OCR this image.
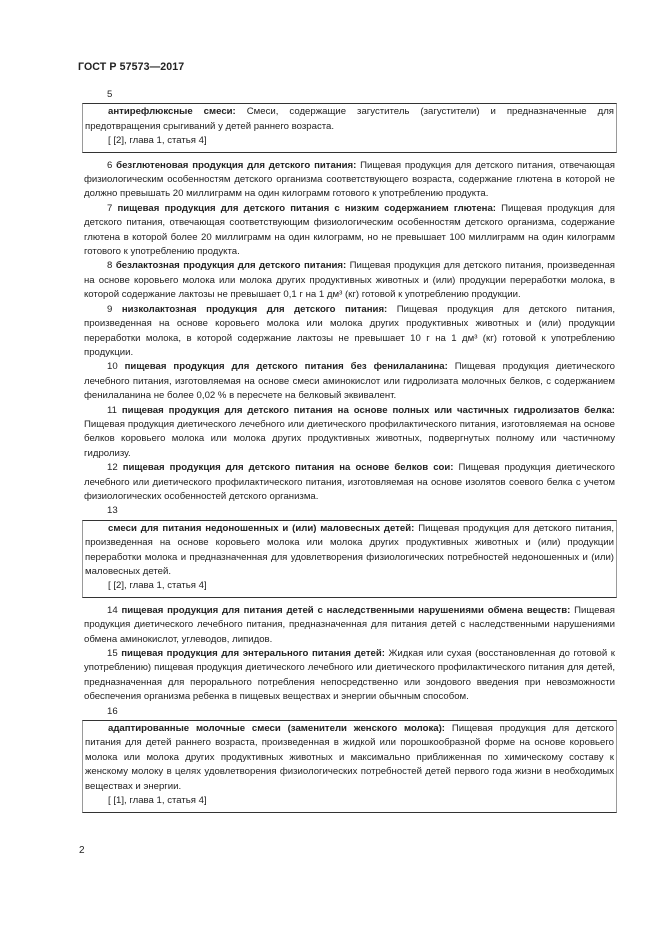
ГОСТ Р 57573—2017
5

антирефлюксные смеси: Смеси, содержащие загуститель (загустители) и предназначенные для предотвращения срыгиваний у детей раннего возраста.

[ [2], глава 1, статья 4]

6 безглютеновая продукция для детского питания: Пищевая продукция для детского питания, отвечающая физиологическим особенностям детского организма соответствующего возраста, содержание глютена в которой не должно превышать 20 миллиграмм на один килограмм готового к употреблению продукта.

7 пищевая продукция для детского питания с низким содержанием глютена: Пищевая продукция для детского питания, отвечающая соответствующим физиологическим особенностям детского организма, содержание глютена в которой более 20 миллиграмм на один килограмм, но не превышает 100 миллиграмм на один килограмм готового к употреблению продукта.

8 безлактозная продукция для детского питания: Пищевая продукция для детского питания, произведенная на основе коровьего молока или молока других продуктивных животных и (или) продукции переработки молока, в которой содержание лактозы не превышает 0,1 г на 1 дм³ (кг) готовой к употреблению продукции.

9 низколактозная продукция для детского питания: Пищевая продукция для детского питания, произведенная на основе коровьего молока или молока других продуктивных животных и (или) продукции переработки молока, в которой содержание лактозы не превышает 10 г на 1 дм³ (кг) готовой к употреблению продукции.

10 пищевая продукция для детского питания без фенилаланина: Пищевая продукция диетического лечебного питания, изготовляемая на основе смеси аминокислот или гидролизата молочных белков, с содержанием фенилаланина не более 0,02 % в пересчете на белковый эквивалент.

11 пищевая продукция для детского питания на основе полных или частичных гидролизатов белка: Пищевая продукция диетического лечебного или диетического профилактического питания, изготовляемая на основе белков коровьего молока или молока других продуктивных животных, подвергнутых полному или частичному гидролизу.

12 пищевая продукция для детского питания на основе белков сои: Пищевая продукция диетического лечебного или диетического профилактического питания, изготовляемая на основе изолятов соевого белка с учетом физиологических особенностей детского организма.

13

смеси для питания недоношенных и (или) маловесных детей: Пищевая продукция для детского питания, произведенная на основе коровьего молока или молока других продуктивных животных и (или) продукции переработки молока и предназначенная для удовлетворения физиологических потребностей недоношенных и (или) маловесных детей.

[ [2], глава 1, статья 4]

14 пищевая продукция для питания детей с наследственными нарушениями обмена веществ: Пищевая продукция диетического лечебного питания, предназначенная для питания детей с наследственными нарушениями обмена аминокислот, углеводов, липидов.

15 пищевая продукция для энтерального питания детей: Жидкая или сухая (восстановленная до готовой к употреблению) пищевая продукция диетического лечебного или диетического профилактического питания для детей, предназначенная для перорального потребления непосредственно или зондового введения при невозможности обеспечения организма ребенка в пищевых веществах и энергии обычным способом.

16

адаптированные молочные смеси (заменители женского молока): Пищевая продукция для детского питания для детей раннего возраста, произведенная в жидкой или порошкообразной форме на основе коровьего молока или молока других продуктивных животных и максимально приближенная по химическому составу к женскому молоку в целях удовлетворения физиологических потребностей детей первого года жизни в необходимых веществах и энергии.

[ [1], глава 1, статья 4]
2
